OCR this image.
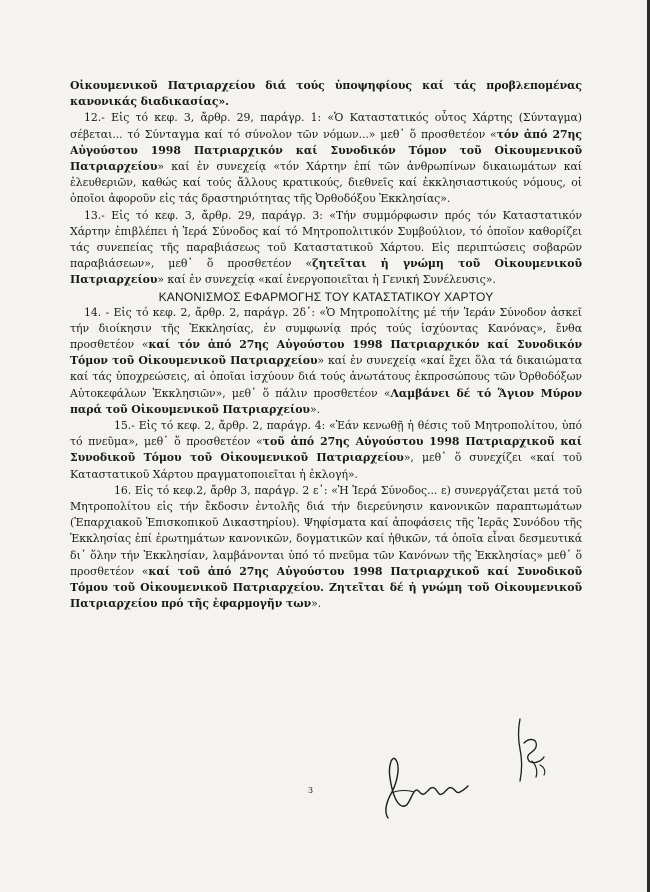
Οἰκουμενικοῦ Πατριαρχείου διά τούς ὑποψηφίους καί τάς προβλεπομένας κανονικάς διαδικασίας».

12.- Εἰς τό κεφ. 3, ἄρθρ. 29, παράγρ. 1: «Ὁ Καταστατικός οὗτος Χάρτης (Σύνταγμα) σέβεται... τό Σύνταγμα καί τό σύνολον τῶν νόμων...» μεθ᾿ ὅ προσθετέον «τόν ἀπό 27ης Αὐγούστου 1998 Πατριαρχικόν καί Συνοδικόν Τόμον τοῦ Οἰκουμενικοῦ Πατριαρχείου» καί ἐν συνεχείᾳ «τόν Χάρτην ἐπί τῶν ἀνθρωπίνων δικαιωμάτων καί ἐλευθεριῶν, καθώς καί τούς ἄλλους κρατικούς, διεθνεῖς καί ἐκκλησιαστικούς νόμους, οἱ ὁποῖοι ἀφοροῦν εἰς τάς δραστηριότητας τῆς Ὀρθοδόξου Ἐκκλησίας».

13.- Εἰς τό κεφ. 3, ἄρθρ. 29, παράγρ. 3: «Τήν συμμόρφωσιν πρός τόν Καταστατικόν Χάρτην ἐπιβλέπει ἡ Ἱερά Σύνοδος καί τό Μητροπολιτικόν Συμβούλιον, τό ὁποῖον καθορίζει τάς συνεπείας τῆς παραβιάσεως τοῦ Καταστατικοῦ Χάρτου. Εἰς περιπτώσεις σοβαρῶν παραβιάσεων», μεθ᾿ ὅ προσθετέον «ζητεῖται ἡ γνώμη τοῦ Οἰκουμενικοῦ Πατριαρχείου» καί ἐν συνεχείᾳ «καί ἐνεργοποιεῖται ἡ Γενική Συνέλευσις».

ΚΑΝΟΝΙΣΜΟΣ ΕΦΑΡΜΟΓΗΣ ΤΟΥ ΚΑΤΑΣΤΑΤΙΚΟΥ ΧΑΡΤΟΥ

14. - Εἰς τό κεφ. 2, ἄρθρ. 2, παράγρ. 2δ᾿: «Ὁ Μητροπολίτης μέ τήν Ἱεράν Σύνοδον ἀσκεῖ τήν διοίκησιν τῆς Ἐκκλησίας, ἐν συμφωνίᾳ πρός τούς ἰσχύοντας Κανόνας», ἔνθα προσθετέον «καί τόν ἀπό 27ης Αὐγούστου 1998 Πατριαρχικόν καί Συνοδικόν Τόμον τοῦ Οἰκουμενικοῦ Πατριαρχείου» καί ἐν συνεχείᾳ «καί ἔχει ὅλα τά δικαιώματα καί τάς ὑποχρεώσεις, αἱ ὁποῖαι ἰσχύουν διά τούς ἀνωτάτους ἐκπροσώπους τῶν Ὀρθοδόξων Αὐτοκεφάλων Ἐκκλησιῶν», μεθ᾿ ὅ πάλιν προσθετέον «Λαμβάνει δέ τό Ἅγιον Μύρον παρά τοῦ Οἰκουμενικοῦ Πατριαρχείου».

15.- Εἰς τό κεφ. 2, ἄρθρ. 2, παράγρ. 4: «Ἐάν κενωθῇ ἡ θέσις τοῦ Μητροπολίτου, ὑπό τό πνεῦμα», μεθ᾿ ὅ προσθετέον «τοῦ ἀπό 27ης Αὐγούστου 1998 Πατριαρχικοῦ καί Συνοδικοῦ Τόμου τοῦ Οἰκουμενικοῦ Πατριαρχείου», μεθ᾿ ὅ συνεχίζει «καί τοῦ Καταστατικοῦ Χάρτου πραγματοποιεῖται ἡ ἐκλογή».

16. Εἰς τό κεφ.2, ἄρθρ 3, παράγρ. 2 ε᾿: «Ἡ Ἱερά Σύνοδος... ε) συνεργάζεται μετά τοῦ Μητροπολίτου εἰς τήν ἔκδοσιν ἐντολῆς διά τήν διερεύνησιν κανονικῶν παραπτωμάτων (Ἐπαρχιακοῦ Ἐπισκοπικοῦ Δικαστηρίου). Ψηφίσματα καί ἀποφάσεις τῆς Ἱερᾶς Συνόδου τῆς Ἐκκλησίας ἐπί ἐρωτημάτων κανονικῶν, δογματικῶν καί ἠθικῶν, τά ὁποῖα εἶναι δεσμευτικά δι᾿ ὅλην τήν Ἐκκλησίαν, λαμβάνονται ὑπό τό πνεῦμα τῶν Κανόνων τῆς Ἐκκλησίας» μεθ᾿ ὅ προσθετέον «καί τοῦ ἀπό 27ης Αὐγούστου 1998 Πατριαρχικοῦ καί Συνοδικοῦ Τόμου τοῦ Οἰκουμενικοῦ Πατριαρχείου. Ζητεῖται δέ ἡ γνώμη τοῦ Οἰκουμενικοῦ Πατριαρχείου πρό τῆς ἐφαρμογῆν των».

3
